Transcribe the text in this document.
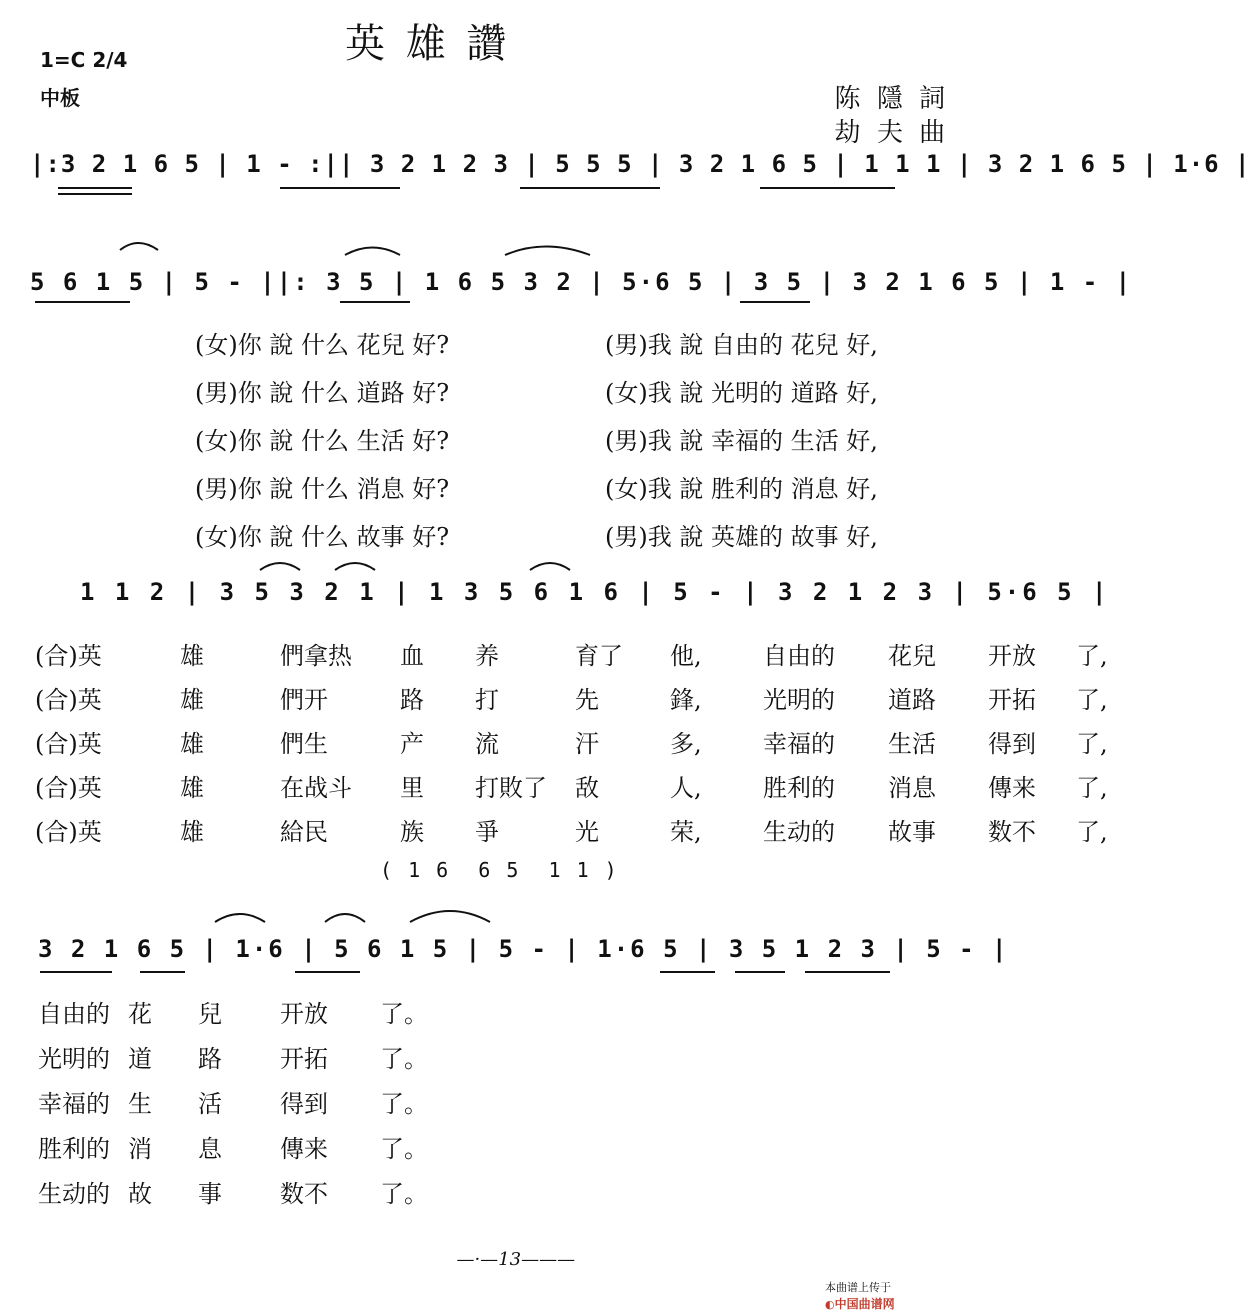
英 雄 讚
1=C 2/4
中板	陈  隱 詞

劫  夫 曲

|:3 2 1 6 5 | 1 - :|| 3 2 1 2 3 | 5 5 5 | 3 2 1 6 5 | 1 1 1 | 3 2 1 6 5 | 1·6 |
5 6 1 5 | 5 - ||: 3 5 | 1 6 5 3 2 | 5·6 5 | 3 5 | 3 2 1 6 5 | 1 - |
(女)你 說 什么 花兒 好?	(男)我 說 自由的 花兒 好,
(男)你 說 什么 道路 好?	(女)我 說 光明的 道路 好,
(女)你 說 什么 生活 好?	(男)我 說 幸福的 生活 好,
(男)你 說 什么 消息 好?	(女)我 說 胜利的 消息 好,
(女)你 說 什么 故事 好?	(男)我 說 英雄的 故事 好,
1 1 2 | 3 5 3 2 1 | 1 3 5 6 1 6 | 5 - | 3 2 1 2 3 | 5·6 5 |
(合)英	雄	們拿热	血	养	育了	他,	自由的	花兒	开放	了,
(合)英	雄	們开	路	打	先	鋒,	光明的	道路	开拓	了,
(合)英	雄	們生	产	流	汗	多,	幸福的	生活	得到	了,
(合)英	雄	在战斗	里	打敗了	敌	人,	胜利的	消息	傳来	了,
(合)英	雄	給民	族	爭	光	荣,	生动的	故事	数不	了,
( 1 6  6 5  1 1 )
3 2 1 6 5 | 1·6 | 5 6 1 5 | 5 - | 1·6 5 | 3 5 1 2 3 | 5 - |
自由的 花	兒	开放	了。
光明的 道	路	开拓	了。
幸福的 生	活	得到	了。
胜利的 消	息	傳来	了。
生动的 故	事	数不	了。

—·—13———

本曲谱上传于
◐中国曲谱网
